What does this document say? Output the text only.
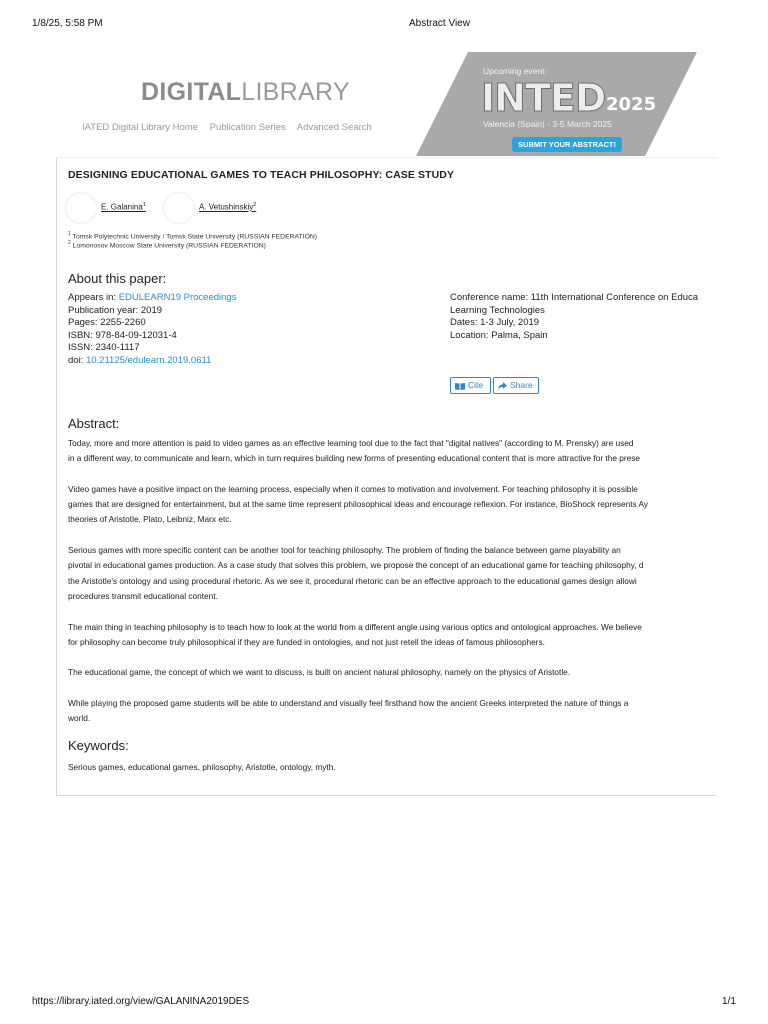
1/8/25, 5:58 PM	Abstract View
https://library.iated.org/view/GALANINA2019DES	1/1
DIGITALLIBRARY
IATED Digital Library Home Publication Series Advanced Search
Upcoming event:
INTED 2025
Valencia (Spain) - 3-5 March 2025
SUBMIT YOUR ABSTRACT!
DESIGNING EDUCATIONAL GAMES TO TEACH PHILOSOPHY: CASE STUDY
E. Galanina$^1$	A. Vetushinskiy$^2$
$^1$ Tomsk Polytechnic University / Tomsk State University (RUSSIAN FEDERATION)
$^2$ Lomonosov Moscow State University (RUSSIAN FEDERATION)
About this paper:
Appears in: EDULEARN19 Proceedings
Publication year: 2019
Pages: 2255-2260
ISBN: 978-84-09-12031-4
ISSN: 2340-1117
doi: 10.21125/edulearn.2019.0611
Conference name: 11th International Conference on Educa
Learning Technologies
Dates: 1-3 July, 2019
Location: Palma, Spain
Cite	Share
Abstract:

Today, more and more attention is paid to video games as an effective learning tool due to the fact that "digital natives" (according to M. Prensky) are used

in a different way, to communicate and learn, which in turn requires building new forms of presenting educational content that is more attractive for the prese

Video games have a positive impact on the learning process, especially when it comes to motivation and involvement. For teaching philosophy it is possible

games that are designed for entertainment, but at the same time represent philosophical ideas and encourage reflexion. For instance, BioShock represents Ay

theories of Aristotle, Plato, Leibniz, Marx etc.

Serious games with more specific content can be another tool for teaching philosophy. The problem of finding the balance between game playability an

pivotal in educational games production. As a case study that solves this problem, we propose the concept of an educational game for teaching philosophy, d

the Aristotle's ontology and using procedural rhetoric. As we see it, procedural rhetoric can be an effective approach to the educational games design allowi

procedures transmit educational content.

The main thing in teaching philosophy is to teach how to look at the world from a different angle using various optics and ontological approaches. We believe

for philosophy can become truly philosophical if they are funded in ontologies, and not just retell the ideas of famous philosophers.

The educational game, the concept of which we want to discuss, is built on ancient natural philosophy, namely on the physics of Aristotle.

While playing the proposed game students will be able to understand and visually feel firsthand how the ancient Greeks interpreted the nature of things a

world.

Keywords:
Serious games, educational games, philosophy, Aristotle, ontology, myth.
